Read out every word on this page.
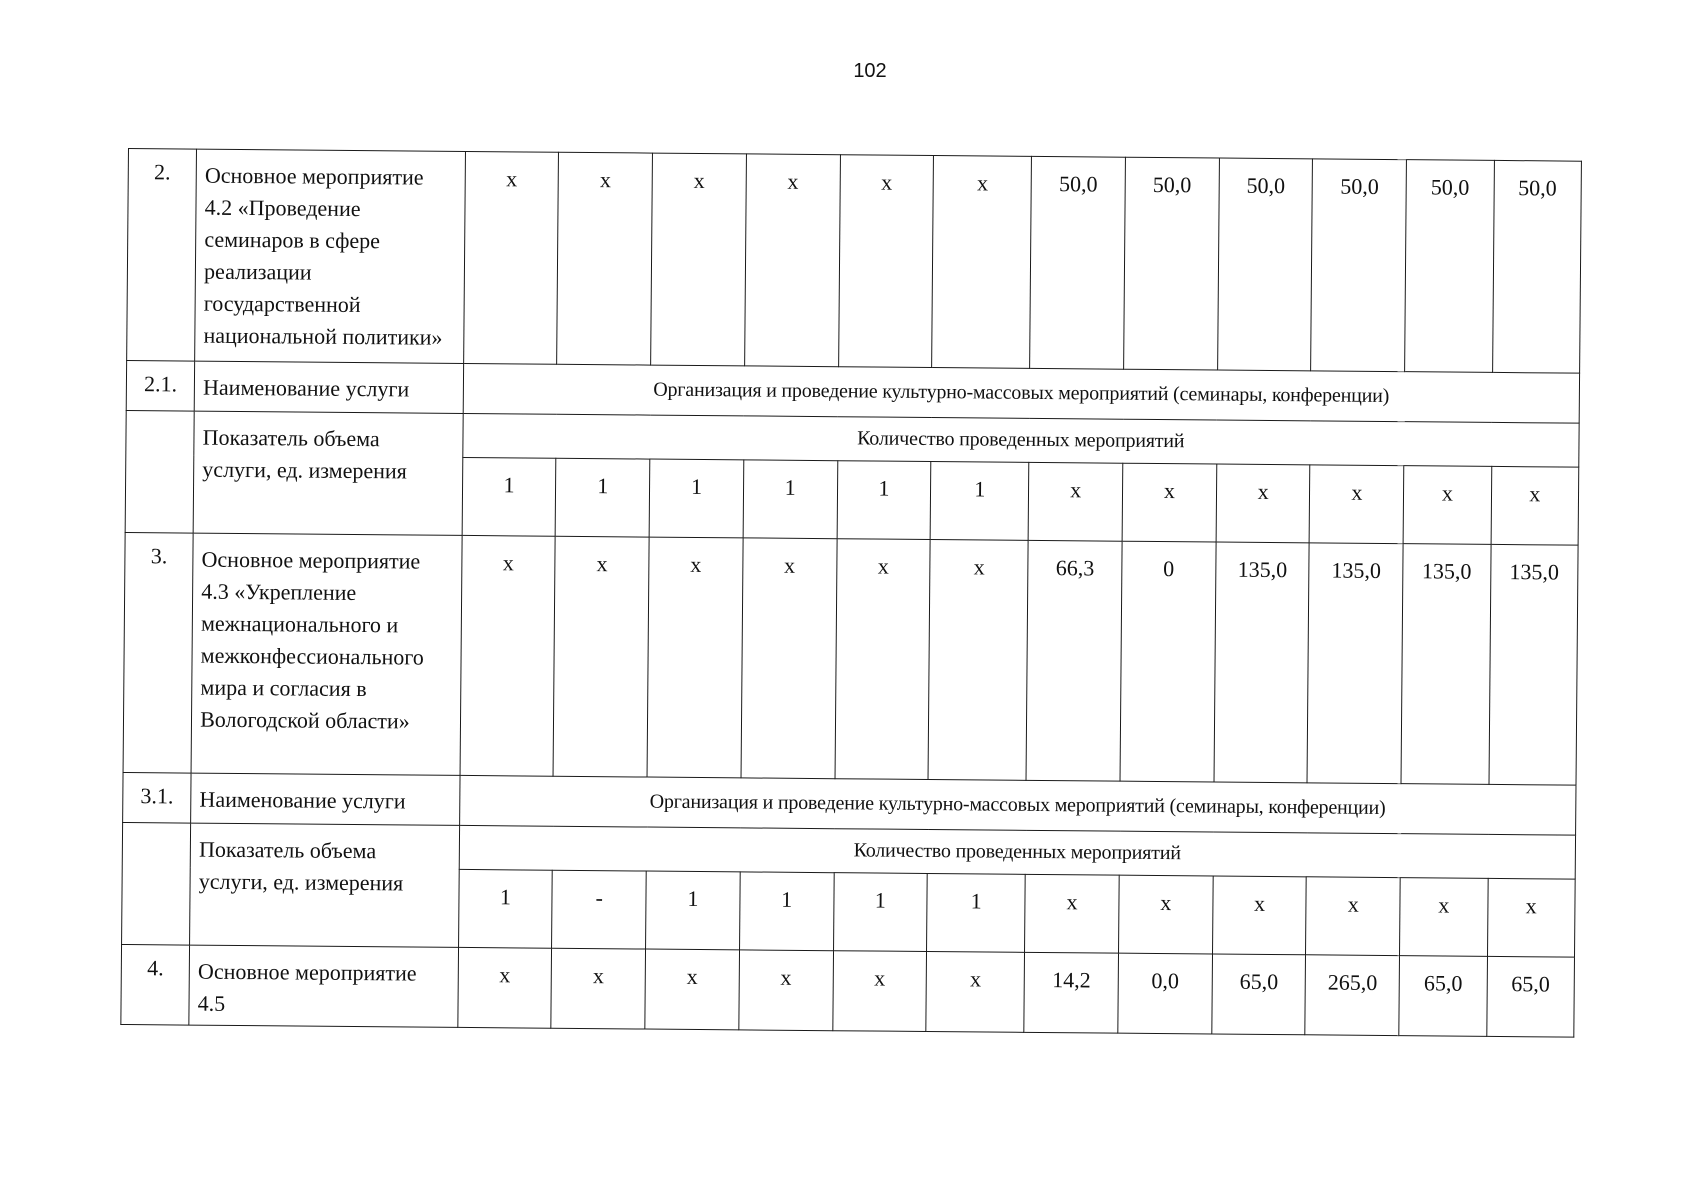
102
2.	Основное мероприятие 4.2 «Проведение семинаров в сфере реализации государственной национальной политики»	х	х	х	х	х	х	50,0	50,0	50,0	50,0	50,0	50,0
2.1.	Наименование услуги	Организация и проведение культурно-массовых мероприятий (семинары, конференции)											
	Показатель объема услуги, ед. измерения	Количество проведенных мероприятий											
		1	1	1	1	1	1	х	х	х	х	х	х
3.	Основное мероприятие 4.3 «Укрепление межнационального и межконфессионального мира и согласия в Вологодской области»	х	х	х	х	х	х	66,3	0	135,0	135,0	135,0	135,0
3.1.	Наименование услуги	Организация и проведение культурно-массовых мероприятий (семинары, конференции)											
	Показатель объема услуги, ед. измерения	Количество проведенных мероприятий											
		1	-	1	1	1	1	х	х	х	х	х	х
4.	Основное мероприятие 4.5	х	х	х	х	х	х	14,2	0,0	65,0	265,0	65,0	65,0
